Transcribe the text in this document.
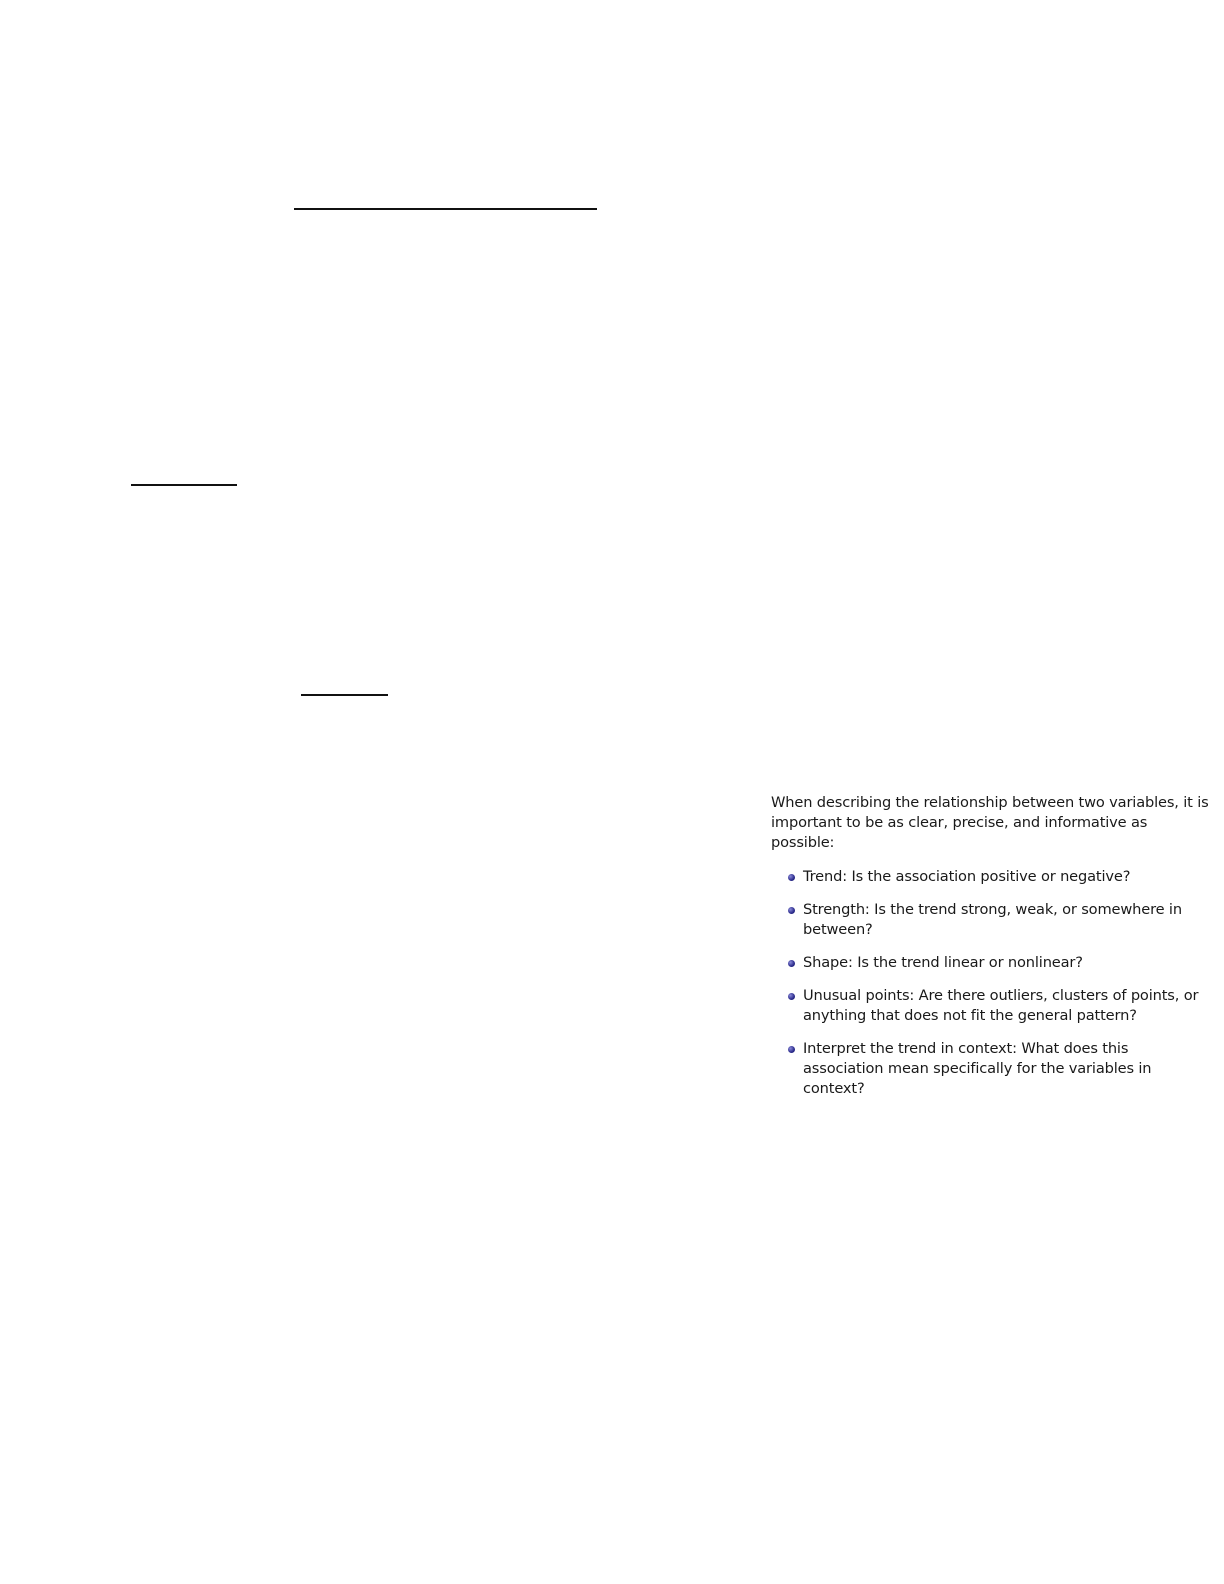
When describing the relationship between two variables, it is important to be as clear, precise, and informative as possible:

Trend: Is the association positive or negative?
Strength: Is the trend strong, weak, or somewhere in between?
Shape: Is the trend linear or nonlinear?
Unusual points: Are there outliers, clusters of points, or anything that does not fit the general pattern?
Interpret the trend in context: What does this association mean specifically for the variables in context?
